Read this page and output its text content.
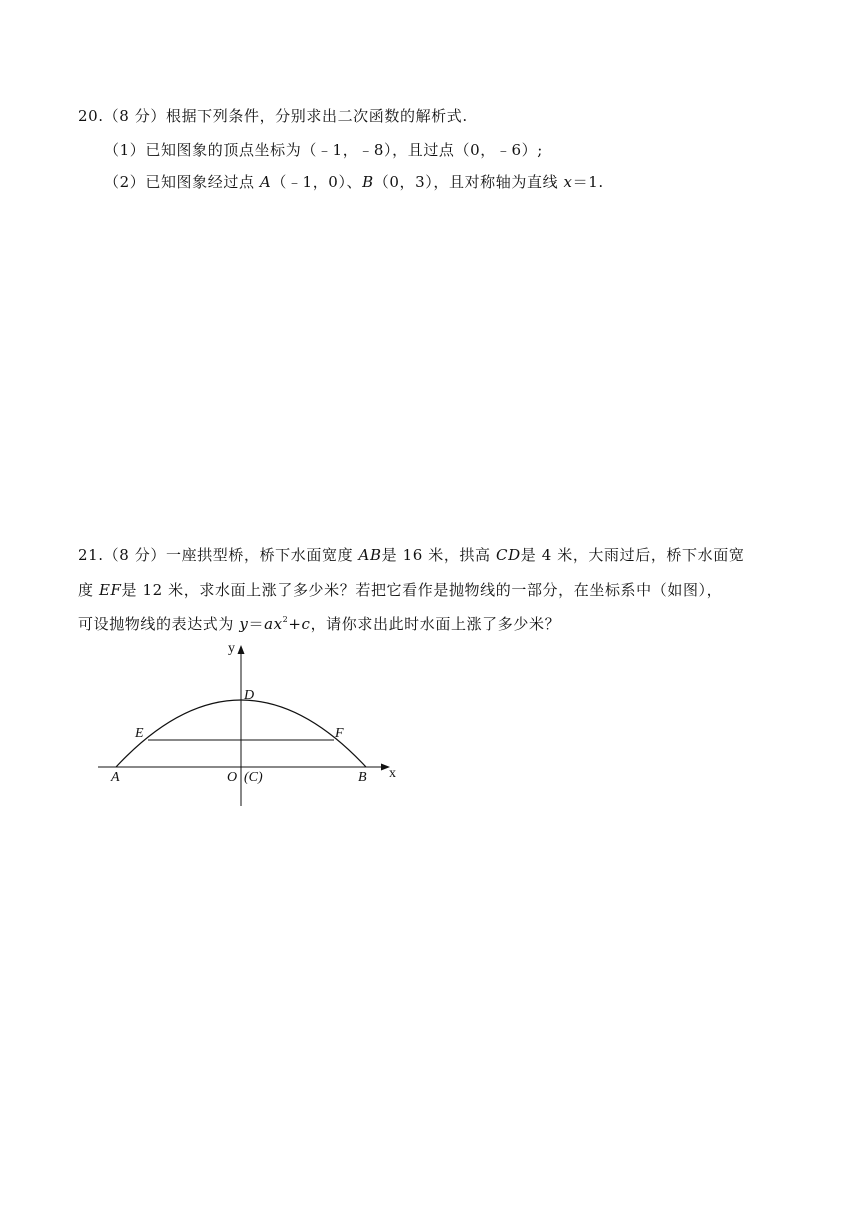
20.（8 分）根据下列条件，分别求出二次函数的解析式.
（1）已知图象的顶点坐标为（﹣1，﹣8），且过点（0，﹣6）;
（2）已知图象经过点 A（﹣1，0）、B（0，3），且对称轴为直线 x＝1.
21.（8 分）一座拱型桥，桥下水面宽度 AB是 16 米，拱高 CD是 4 米，大雨过后，桥下水面宽
度 EF是 12 米，求水面上涨了多少米？若把它看作是抛物线的一部分，在坐标系中（如图），
可设抛物线的表达式为 $y=ax^2+c$，请你求出此时水面上涨了多少米？
y
x
D
E	F
A	O (C)	B
